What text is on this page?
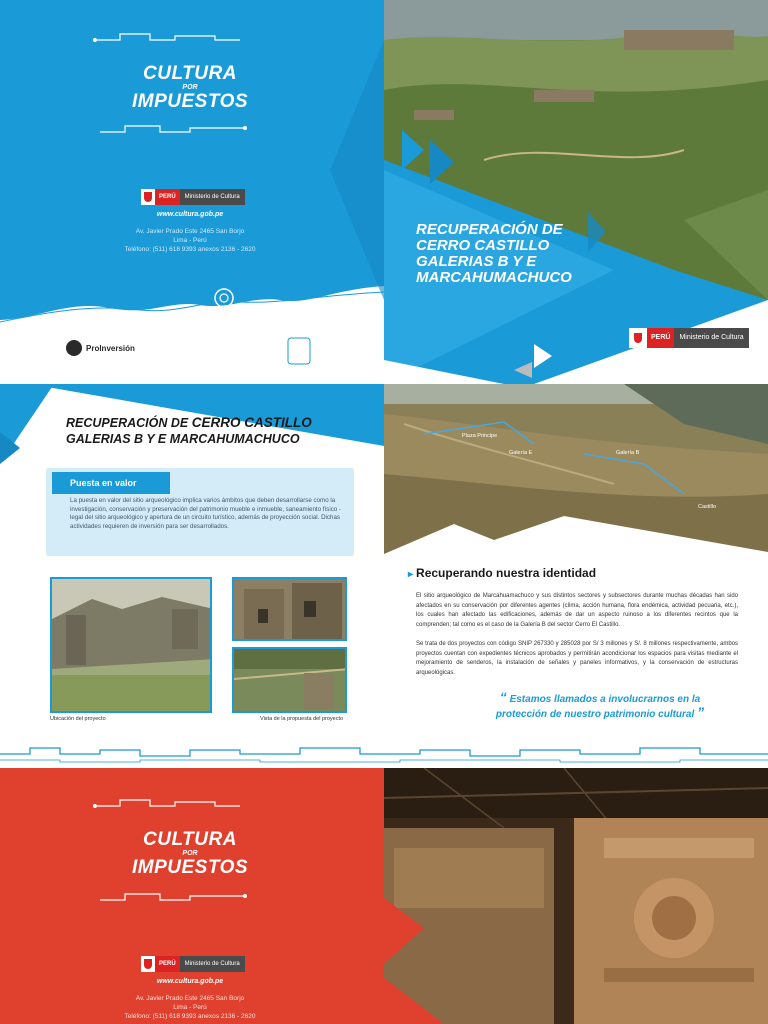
CULTURA
POR
IMPUESTOS
PERÚ	Ministerio de Cultura
www.cultura.gob.pe
Av. Javier Prado Este 2465 San Borjo
Lima - Perú
Teléfono: (511) 618 9393 anexos 2136 - 2620
ProInversión
RECUPERACIÓN DE
CERRO CASTILLO
GALERIAS B Y E
MARCAHUMACHUCO
PERÚ	Ministerio de Cultura
RECUPERACIÓN DE CERRO CASTILLO
GALERIAS B Y E MARCAHUMACHUCO
Puesta en valor
La puesta en valor del sitio arqueológico implica varios ámbitos que deben desarrollarse como la investigación, conservación y preservación del patrimonio mueble e inmueble, saneamiento físico - legal del sitio arqueológico y apertura de un circuito turístico, además de proyección social. Dichas actividades requieren de inversión para ser desarrollados.
Ubicación del proyecto	Vista de la propuesta del proyecto
Plaza Principe
Galería E	Galería B
Castillo
▸ Recuperando nuestra identidad
El sitio arqueológico de Marcahuamachuco y sus distintos sectores y subsectores durante muchas décadas han sido afectados en su conservación por diferentes agentes (clima, acción humana, flora endémica, actividad pecuaria, etc.), los cuales han afectado las edificaciones, además de dar un aspecto ruinoso a los diferentes recintos que la comprenden; tal como es el caso de la Galería B del sector Cerro El Castillo.
Se trata de dos proyectos con código SNIP 267330 y 285028 por S/ 3 millones y S/. 8 millones respectivamente, ambos proyectos cuentan con expedientes técnicos aprobados y permitirán acondicionar los espacios para visitas mediante el mejoramiento de senderos, la instalación de señales y paneles informativos, y la conservación de estructuras arqueológicas.
“ Estamos llamados a involucrarnos en la
protección de nuestro patrimonio cultural ”
CULTURA
POR
IMPUESTOS
PERÚ	Ministerio de Cultura
www.cultura.gob.pe
Av. Javier Prado Este 2465 San Borjo
Lima - Perú
Teléfono: (511) 618 9393 anexos 2136 - 2620
